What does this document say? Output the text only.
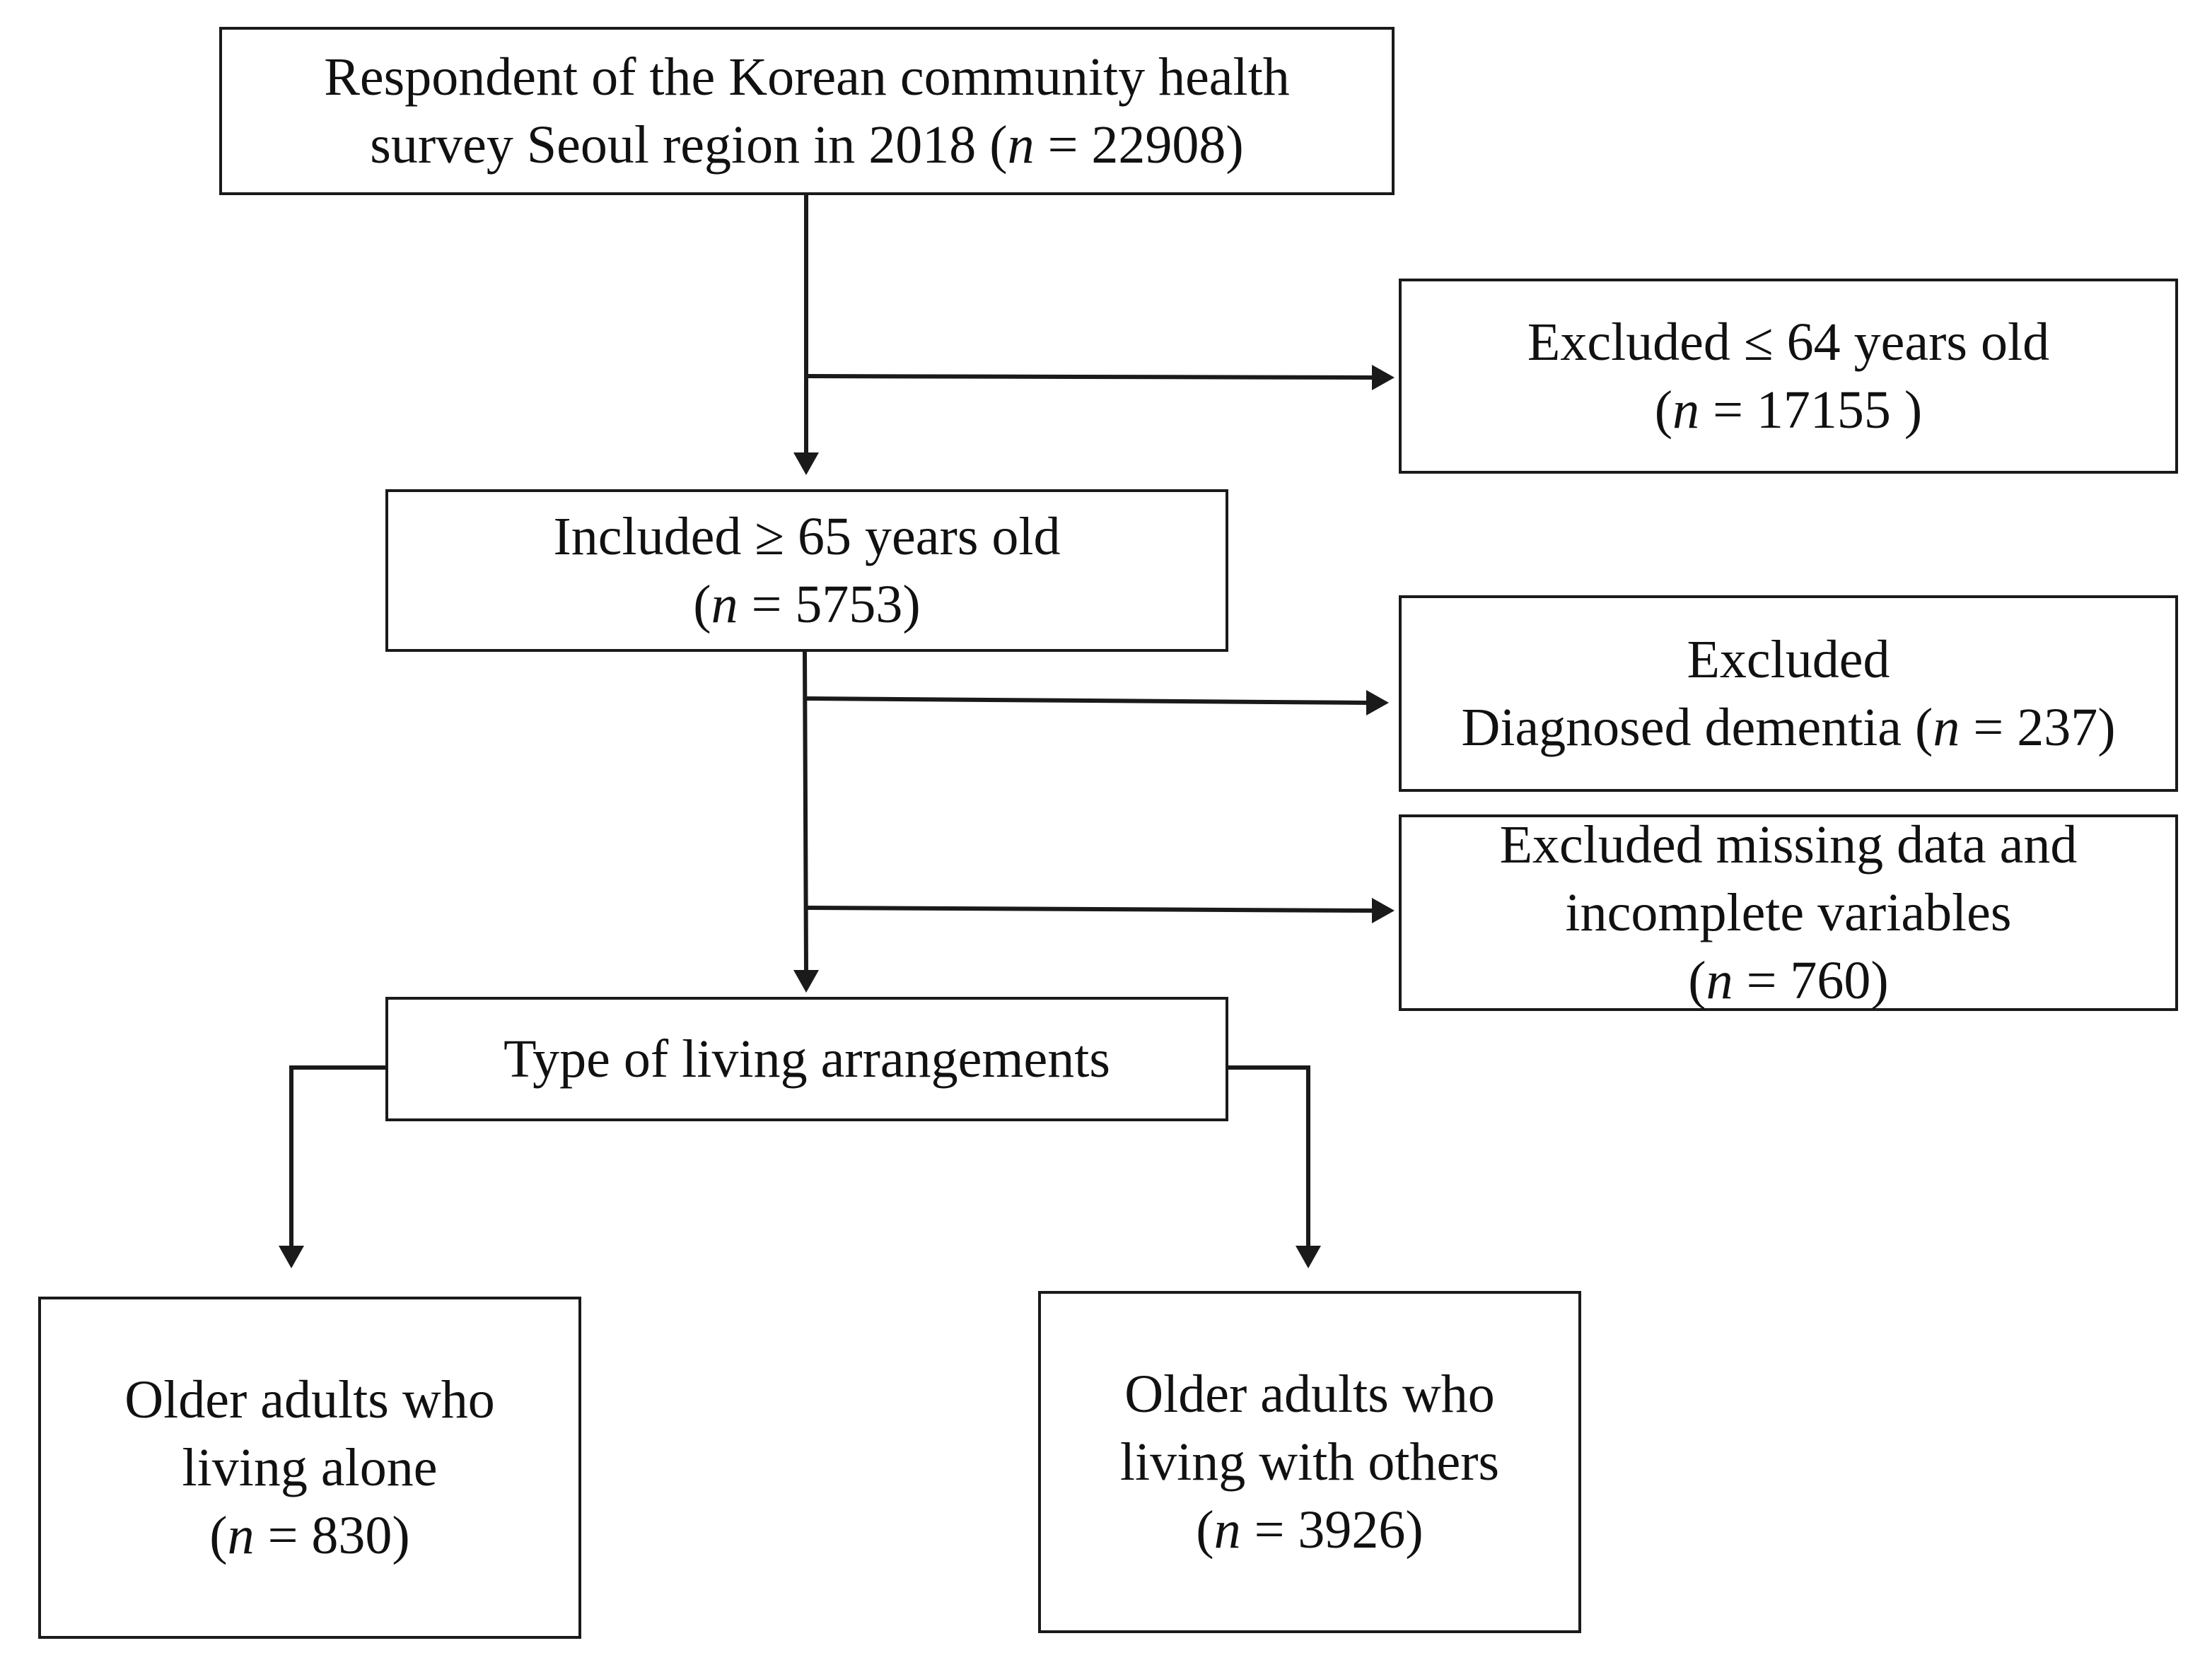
Respondent of the Korean community health
survey Seoul region in 2018 (n = 22908)
Excluded ≤ 64 years old
(n = 17155 )
Included ≥ 65 years old
(n = 5753)
Excluded
Diagnosed dementia (n = 237)
Excluded missing data and
incomplete variables
(n = 760)
Type of living arrangements
Older adults who
living alone
(n = 830)
Older adults who
living with others
(n = 3926)
